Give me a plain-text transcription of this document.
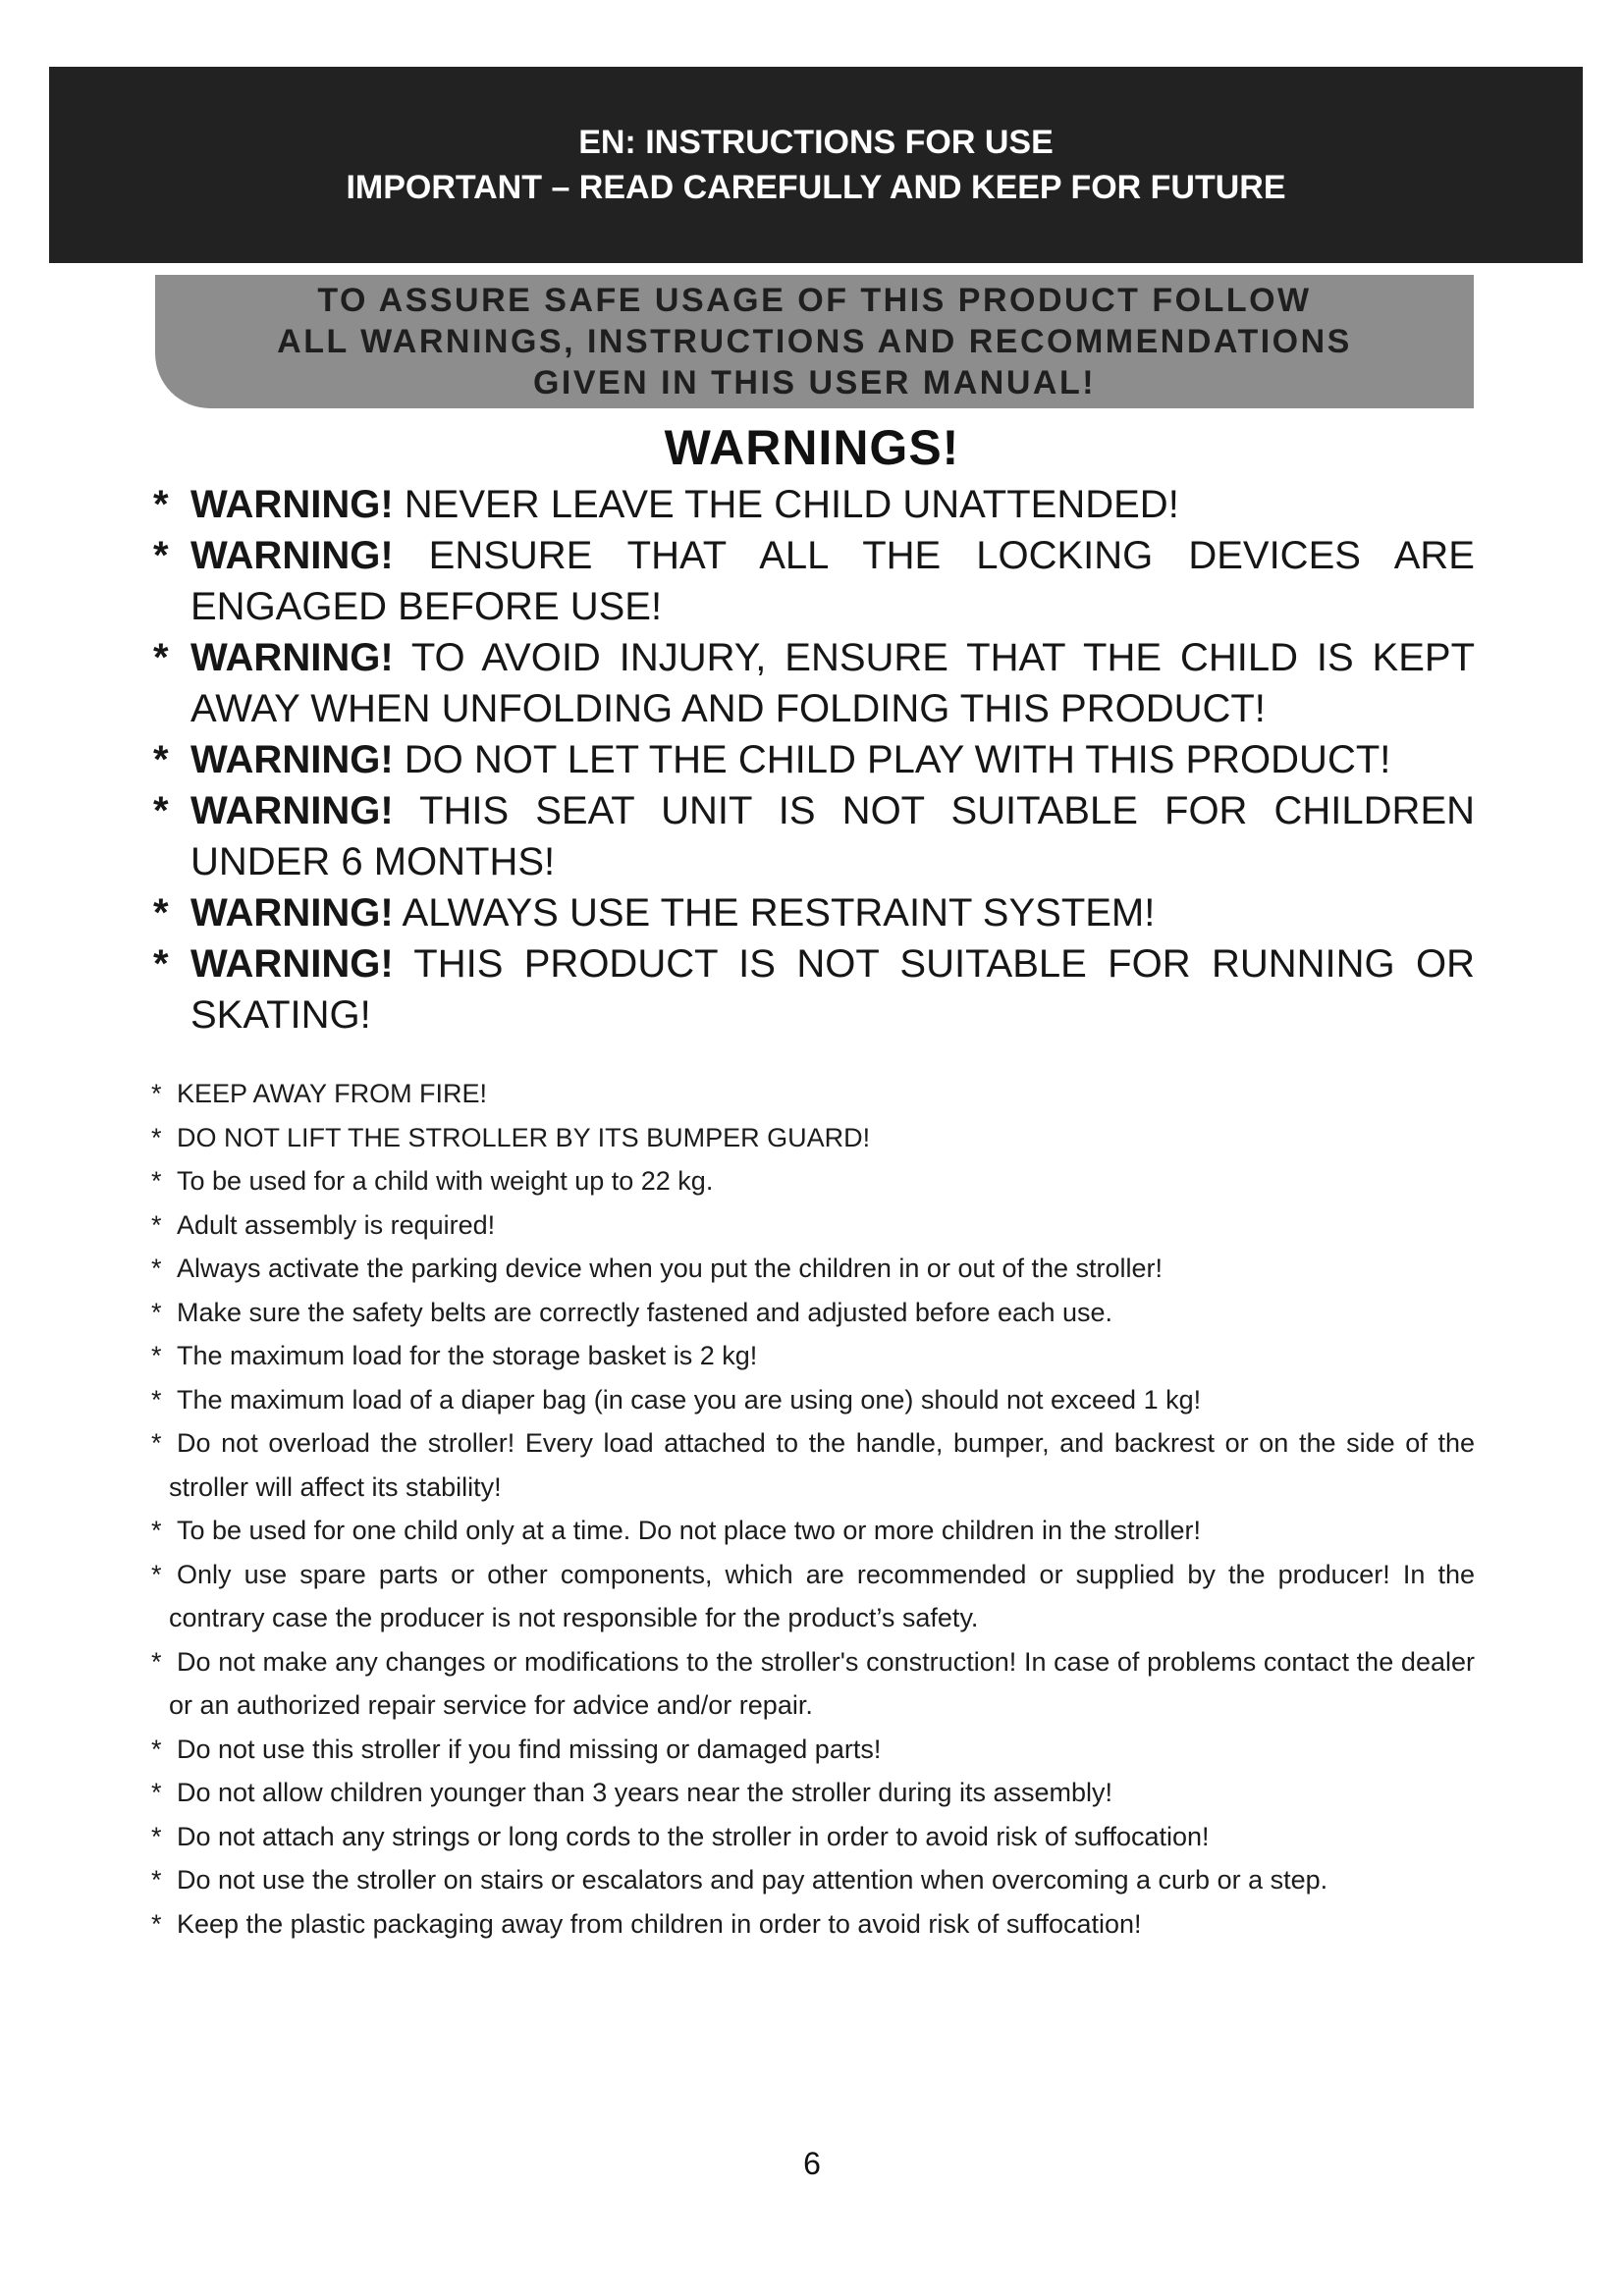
EN: INSTRUCTIONS FOR USE
IMPORTANT – READ CAREFULLY AND KEEP FOR FUTURE
TO ASSURE SAFE USAGE OF THIS PRODUCT FOLLOW
ALL WARNINGS, INSTRUCTIONS AND RECOMMENDATIONS
GIVEN IN THIS USER MANUAL!
WARNINGS!
* WARNING! NEVER LEAVE THE CHILD UNATTENDED!
* WARNING! ENSURE THAT ALL THE LOCKING DEVICES ARE ENGAGED BEFORE USE!
* WARNING! TO AVOID INJURY, ENSURE THAT THE CHILD IS KEPT AWAY WHEN UNFOLDING AND FOLDING THIS PRODUCT!
* WARNING! DO NOT LET THE CHILD PLAY WITH THIS PRODUCT!
* WARNING! THIS SEAT UNIT IS NOT SUITABLE FOR CHILDREN UNDER 6 MONTHS!
* WARNING! ALWAYS USE THE RESTRAINT SYSTEM!
* WARNING! THIS PRODUCT IS NOT SUITABLE FOR RUNNING OR SKATING!
* KEEP AWAY FROM FIRE!
* DO NOT LIFT THE STROLLER BY ITS BUMPER GUARD!
* To be used for a child with weight up to 22 kg.
* Adult assembly is required!
* Always activate the parking device when you put the children in or out of the stroller!
* Make sure the safety belts are correctly fastened and adjusted before each use.
* The maximum load for the storage basket is 2 kg!
* The maximum load of a diaper bag (in case you are using one) should not exceed 1 kg!
* Do not overload the stroller! Every load attached to the handle, bumper, and backrest or on the side of the stroller will affect its stability!
* To be used for one child only at a time. Do not place two or more children in the stroller!
* Only use spare parts or other components, which are recommended or supplied by the producer! In the contrary case the producer is not responsible for the product’s safety.
* Do not make any changes or modifications to the stroller's construction! In case of problems contact the dealer or an authorized repair service for advice and/or repair.
* Do not use this stroller if you find missing or damaged parts!
* Do not allow children younger than 3 years near the stroller during its assembly!
* Do not attach any strings or long cords to the stroller in order to avoid risk of suffocation!
* Do not use the stroller on stairs or escalators and pay attention when overcoming a curb or a step.
* Keep the plastic packaging away from children in order to avoid risk of suffocation!
6
